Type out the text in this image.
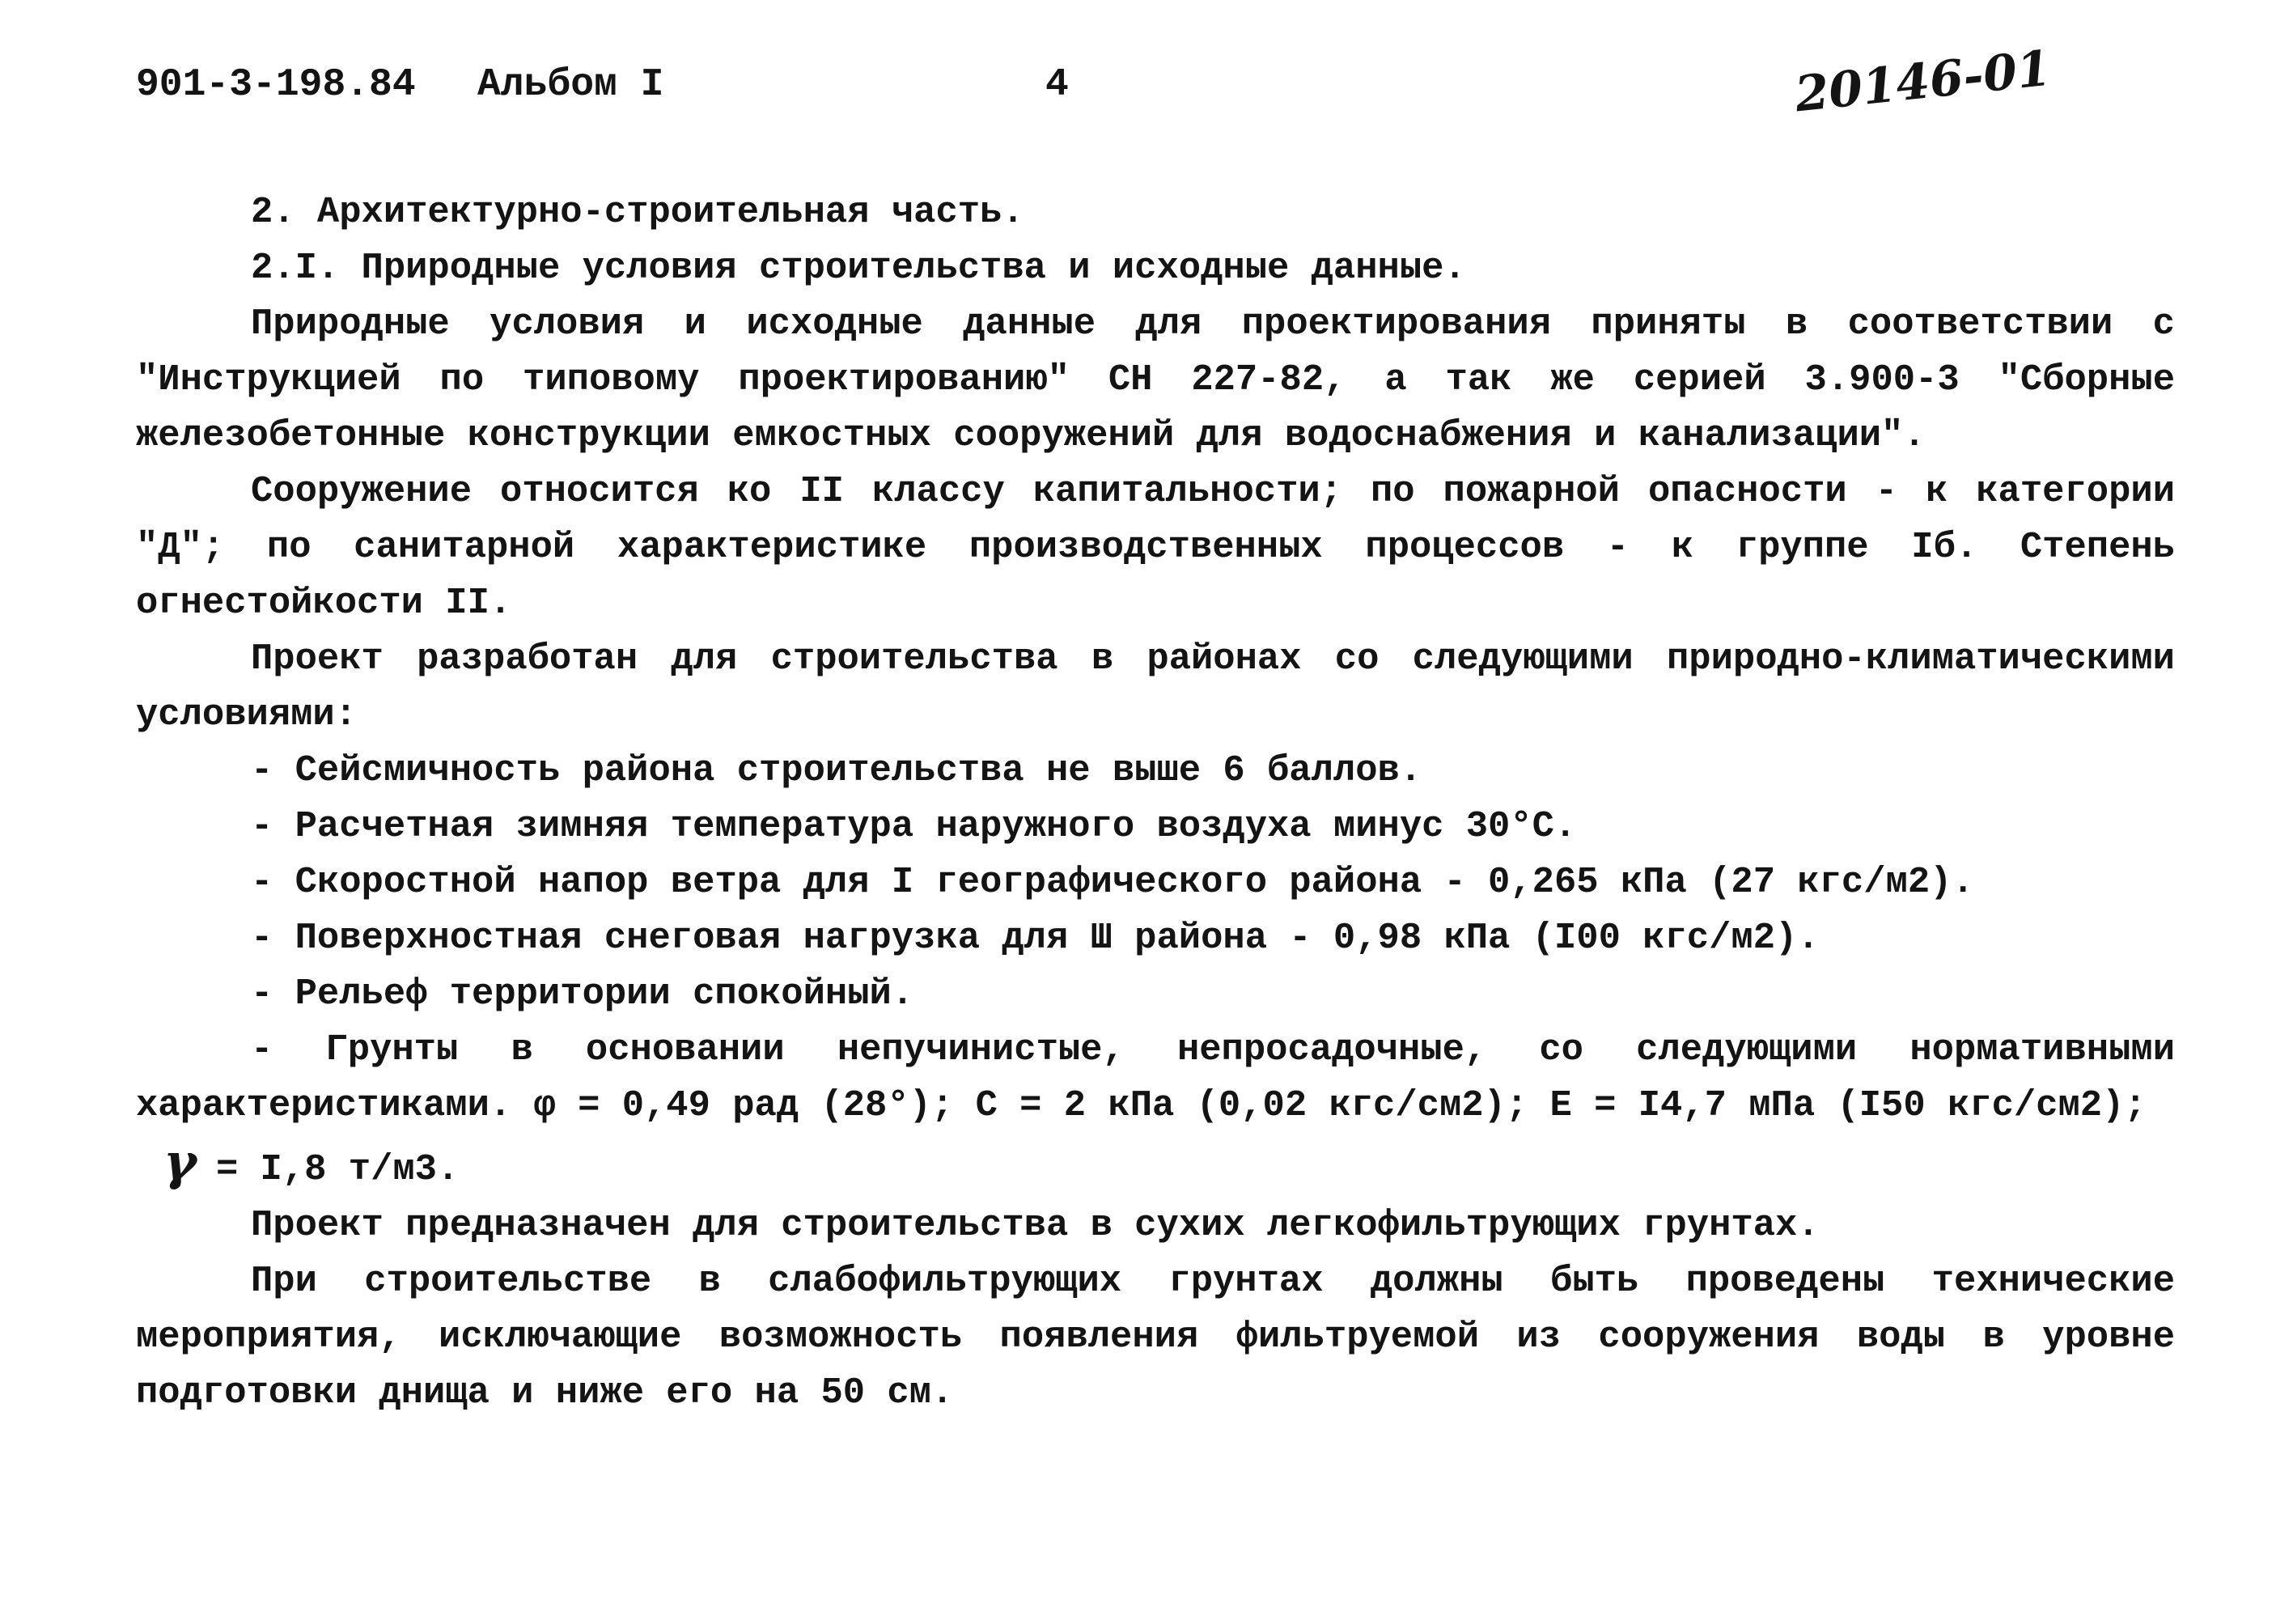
901-3-198.84 Альбом I	4	20146-01

2. Архитектурно-строительная часть.

2.I. Природные условия строительства и исходные данные.

Природные условия и исходные данные для проектирования приняты в соответствии с "Инструкцией по типовому проектированию" СН 227-82, а так же серией 3.900-3 "Сборные железобетонные конструкции емкостных сооружений для водоснабжения и канализации".

Сооружение относится ко II классу капитальности; по пожарной опасности - к категории "Д"; по санитарной характеристике производственных процессов - к группе Iб. Степень огнестойкости II.

Проект разработан для строительства в районах со следующими природно-климатическими условиями:

- Сейсмичность района строительства не выше 6 баллов.

- Расчетная зимняя температура наружного воздуха минус 30°С.

- Скоростной напор ветра для I географического района - 0,265 кПа (27 кгс/м2).

- Поверхностная снеговая нагрузка для Ш района - 0,98 кПа (I00 кгс/м2).

- Рельеф территории спокойный.

- Грунты в основании непучинистые, непросадочные, со следующими нормативными характеристиками. φ = 0,49 рад (28°); С = 2 кПа (0,02 кгс/см2); Е = I4,7 мПа (I50 кгс/см2);

γ = I,8 т/м3.

Проект предназначен для строительства в сухих легкофильтрующих грунтах.

При строительстве в слабофильтрующих грунтах должны быть проведены технические мероприятия, исключающие возможность появления фильтруемой из сооружения воды в уровне подготовки днища и ниже его на 50 см.
